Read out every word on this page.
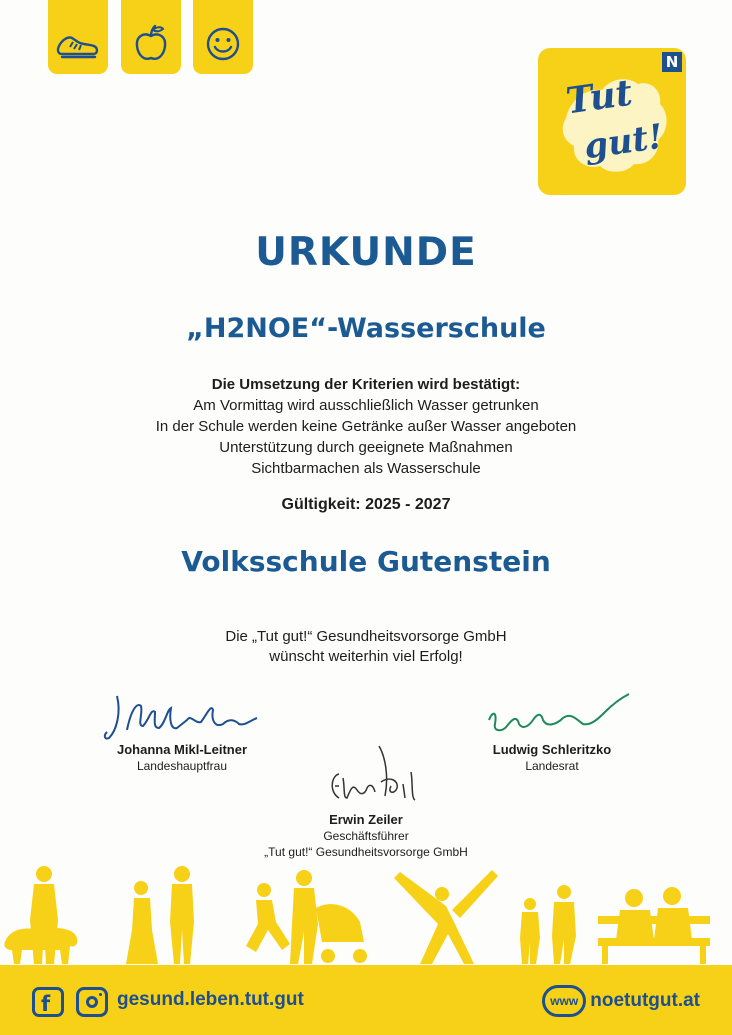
N
Tut
gut!
URKUNDE
„H2NOE“-Wasserschule
Die Umsetzung der Kriterien wird bestätigt:
Am Vormittag wird ausschließlich Wasser getrunken
In der Schule werden keine Getränke außer Wasser angeboten
Unterstützung durch geeignete Maßnahmen
Sichtbarmachen als Wasserschule
Gültigkeit: 2025 - 2027
Volksschule Gutenstein
Die „Tut gut!“ Gesundheitsvorsorge GmbH
wünscht weiterhin viel Erfolg!
Johanna Mikl-Leitner
Landeshauptfrau
Ludwig Schleritzko
Landesrat
Erwin Zeiler
Geschäftsführer
„Tut gut!“ Gesundheitsvorsorge GmbH
f	gesund.leben.tut.gut	www noetutgut.at
